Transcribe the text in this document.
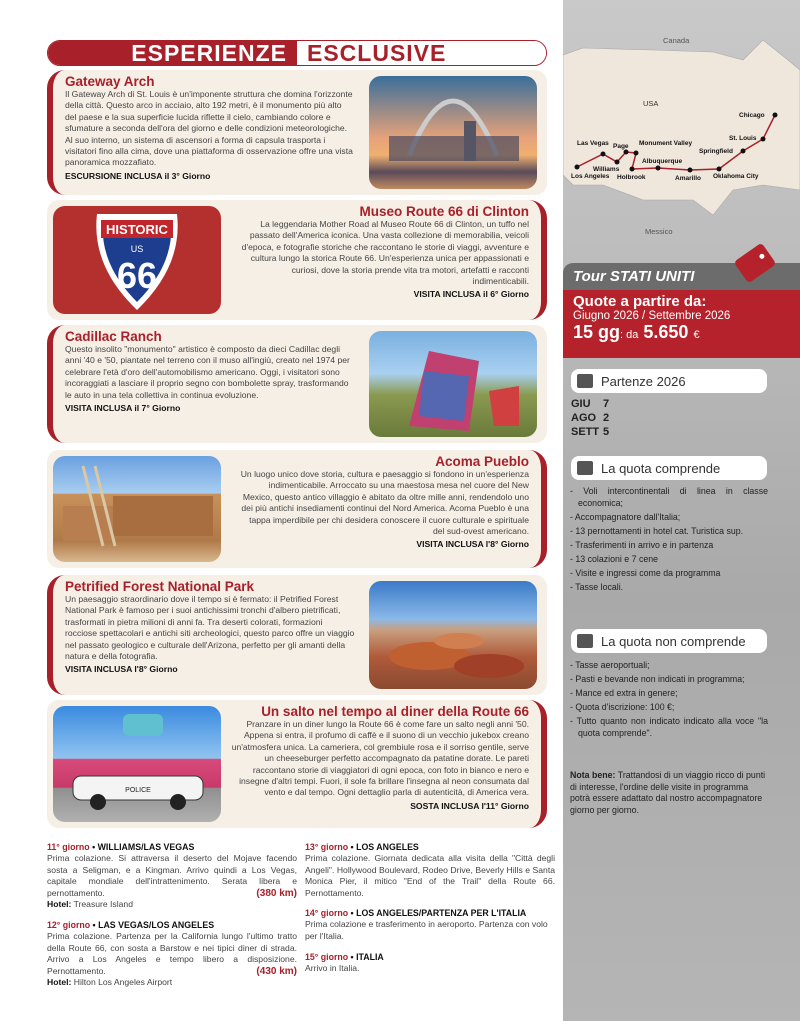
ESPERIENZE ESCLUSIVE
Gateway Arch

Il Gateway Arch di St. Louis è un'imponente struttura che domina l'orizzonte della città. Questo arco in acciaio, alto 192 metri, è il monumento più alto del paese e la sua superficie lucida riflette il cielo, cambiando colore e sfumature a seconda dell'ora del giorno e delle condizioni meteorologiche. Al suo interno, un sistema di ascensori a forma di capsula trasporta i visitatori fino alla cima, dove una piattaforma di osservazione offre una vista panoramica mozzafiato.

ESCURSIONE INCLUSA il 3° Giorno
HISTORIC
US
66
Museo Route 66 di Clinton

La leggendaria Mother Road al Museo Route 66 di Clinton, un tuffo nel passato dell'America iconica. Una vasta collezione di memorabilia, veicoli d'epoca, e fotografie storiche che raccontano le storie di viaggi, avventure e cultura lungo la storica Route 66. Un'esperienza unica per appassionati e curiosi, dove la storia prende vita tra motori, artefatti e racconti indimenticabili.

VISITA INCLUSA il 6° Giorno
Cadillac Ranch

Questo insolito "monumento" artistico è composto da dieci Cadillac degli anni '40 e '50, piantate nel terreno con il muso all'ingiù, creato nel 1974 per celebrare l'età d'oro dell'automobilismo americano. Oggi, i visitatori sono incoraggiati a lasciare il proprio segno con bombolette spray, trasformando le auto in una tela collettiva in continua evoluzione.

VISITA INCLUSA il 7° Giorno
Acoma Pueblo

Un luogo unico dove storia, cultura e paesaggio si fondono in un'esperienza indimenticabile. Arroccato su una maestosa mesa nel cuore del New Mexico, questo antico villaggio è abitato da oltre mille anni, rendendolo uno dei più antichi insediamenti continui del Nord America. Acoma Pueblo è una tappa imperdibile per chi desidera conoscere il cuore culturale e spirituale del sud-ovest americano.

VISITA INCLUSA l'8° Giorno
Petrified Forest National Park

Un paesaggio straordinario dove il tempo si è fermato: il Petrified Forest National Park è famoso per i suoi antichissimi tronchi d'albero pietrificati, trasformati in pietra milioni di anni fa. Tra deserti colorati, formazioni rocciose spettacolari e antichi siti archeologici, questo parco offre un viaggio nel passato geologico e culturale dell'Arizona, perfetto per gli amanti della natura e della fotografia.

VISITA INCLUSA l'8° Giorno
POLICE
Un salto nel tempo al diner della Route 66

Pranzare in un diner lungo la Route 66 è come fare un salto negli anni '50. Appena si entra, il profumo di caffè e il suono di un vecchio jukebox creano un'atmosfera unica. La cameriera, col grembiule rosa e il sorriso gentile, serve un cheeseburger perfetto accompagnato da patatine dorate. Le pareti raccontano storie di viaggiatori di ogni epoca, con foto in bianco e nero e insegne d'altri tempi. Fuori, il sole fa brillare l'insegna al neon consumata dal vento e dal tempo. Ogni dettaglio parla di autenticità, di America vera.

SOSTA INCLUSA l'11° Giorno
11° giorno • WILLIAMS/LAS VEGAS
Prima colazione. Si attraversa il deserto del Mojave facendo sosta a Seligman, e a Kingman. Arrivo quindi a Los Vegas, capitale mondiale dell'intrattenimento. Serata libera e pernottamento.	(380 km)
Hotel: Treasure Island
12° giorno • LAS VEGAS/LOS ANGELES
Prima colazione. Partenza per la California lungo l'ultimo tratto della Route 66, con sosta a Barstow e nei tipici diner di strada. Arrivo a Los Angeles e tempo libero a disposizione. Pernottamento.	(430 km)
Hotel: Hilton Los Angeles Airport
13° giorno • LOS ANGELES
Prima colazione. Giornata dedicata alla visita della "Città degli Angeli". Hollywood Boulevard, Rodeo Drive, Beverly Hills e Santa Monica Pier, il mitico "End of the Trail" della Route 66. Pernottamento.
14° giorno • LOS ANGELES/PARTENZA PER L'ITALIA
Prima colazione e trasferimento in aeroporto. Partenza con volo per l'Italia.
15° giorno • ITALIA
Arrivo in Italia.
Canada
USA
Messico
Los Angeles
Las Vegas
Williams
Page Monument Valley
Holbrook
Albuquerque
Amarillo Oklahoma City
Springfield
St. Louis
Chicago
Tour STATI UNITI
Quote a partire da:
Giugno 2026 / Settembre 2026
15 gg: da 5.650 €
Partenze 2026
GIU 7
AGO 2
SETT 5
La quota comprende
- Voli intercontinentali di linea in classe economica;
- Accompagnatore dall'Italia;
- 13 pernottamenti in hotel cat. Turistica sup.
- Trasferimenti in arrivo e in partenza
- 13 colazioni e 7 cene
- Visite e ingressi come da programma
- Tasse locali.
La quota non comprende
- Tasse aeroportuali;
- Pasti e bevande non indicati in programma;
- Mance ed extra in genere;
- Quota d'iscrizione: 100 €;
- Tutto quanto non indicato indicato alla voce "la quota comprende".
Nota bene: Trattandosi di un viaggio ricco di punti di interesse, l'ordine delle visite in programma potrà essere adattato dal nostro accompagnatore giorno per giorno.
